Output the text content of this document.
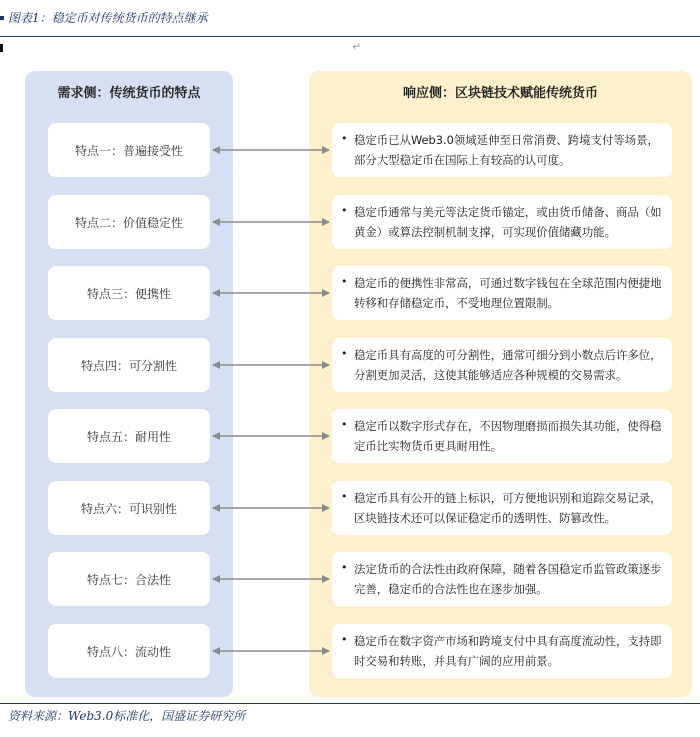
图表1：稳定币对传统货币的特点继承
↵
需求侧：传统货币的特点	响应侧：区块链技术赋能传统货币
特点一：普遍接受性
• 稳定币已从Web3.0领域延伸至日常消费、跨境支付等场景，部分大型稳定币在国际上有较高的认可度。
特点二：价值稳定性
• 稳定币通常与美元等法定货币锚定，或由货币储备、商品（如黄金）或算法控制机制支撑，可实现价值储藏功能。
特点三：便携性
• 稳定币的便携性非常高，可通过数字钱包在全球范围内便捷地转移和存储稳定币，不受地理位置限制。
特点四：可分割性
• 稳定币具有高度的可分割性，通常可细分到小数点后许多位，分割更加灵活，这使其能够适应各种规模的交易需求。
特点五：耐用性
• 稳定币以数字形式存在，不因物理磨损而损失其功能，使得稳定币比实物货币更具耐用性。
特点六：可识别性
• 稳定币具有公开的链上标识，可方便地识别和追踪交易记录，区块链技术还可以保证稳定币的透明性、防篡改性。
特点七：合法性
• 法定货币的合法性由政府保障，随着各国稳定币监管政策逐步完善，稳定币的合法性也在逐步加强。
特点八：流动性
• 稳定币在数字资产市场和跨境支付中具有高度流动性，支持即时交易和转账，并具有广阔的应用前景。
资料来源：Web3.0标准化，国盛证券研究所
